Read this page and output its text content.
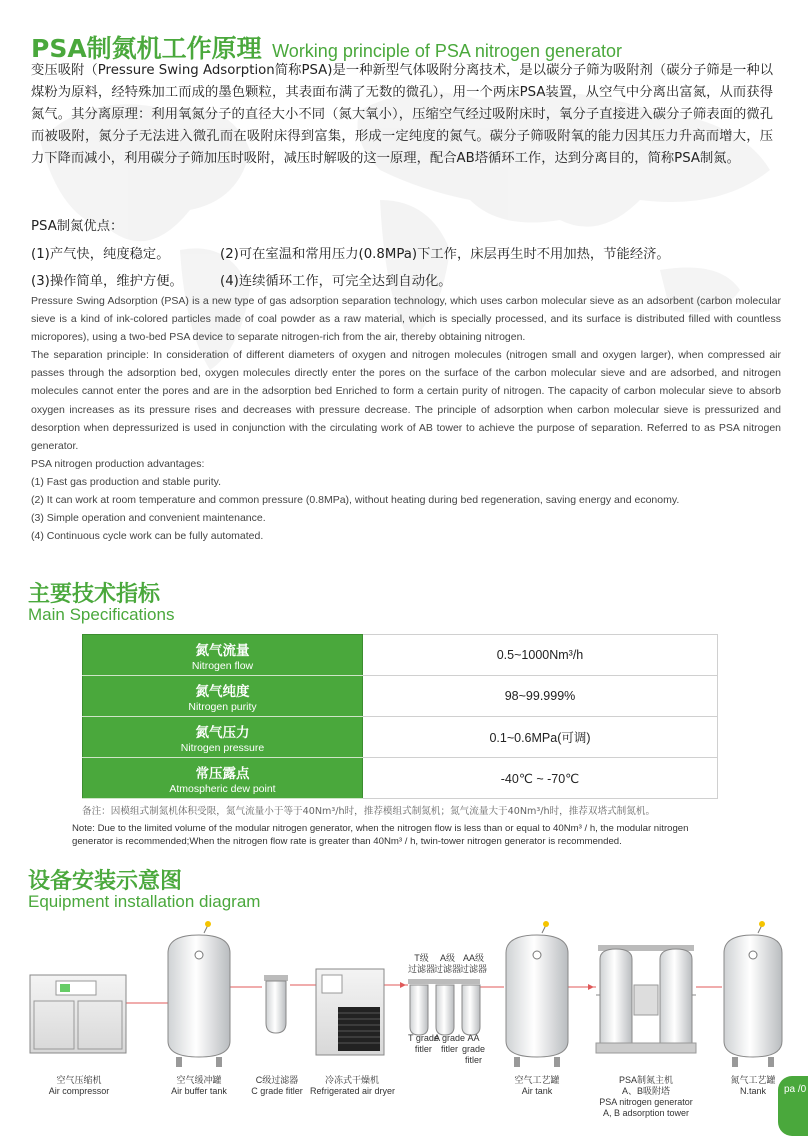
PSA制氮机工作原理 Working principle of PSA nitrogen generator
变压吸附（Pressure Swing Adsorption简称PSA)是一种新型气体吸附分离技术，是以碳分子筛为吸附剂（碳分子筛是一种以煤粉为原料，经特殊加工而成的墨色颗粒，其表面布满了无数的微孔），用一个两床PSA装置，从空气中分离出富氮，从而获得氮气。其分离原理：利用氧氮分子的直径大小不同（氮大氧小），压缩空气经过吸附床时，氧分子直接进入碳分子筛表面的微孔而被吸附，氮分子无法进入微孔而在吸附床得到富集，形成一定纯度的氮气。碳分子筛吸附氧的能力因其压力升高而增大，压力下降而减小，利用碳分子筛加压时吸附，减压时解吸的这一原理，配合AB塔循环工作，达到分离目的，简称PSA制氮。
PSA制氮优点：
(1)产气快，纯度稳定。	(2)可在室温和常用压力(0.8MPa)下工作，床层再生时不用加热，节能经济。
(3)操作简单，维护方便。	(4)连续循环工作，可完全达到自动化。

Pressure Swing Adsorption (PSA) is a new type of gas adsorption separation technology, which uses carbon molecular sieve as an adsorbent (carbon molecular sieve is a kind of ink-colored particles made of coal powder as a raw material, which is specially processed, and its surface is distributed filled with countless micropores), using a two-bed PSA device to separate nitrogen-rich from the air, thereby obtaining nitrogen.

The separation principle: In consideration of different diameters of oxygen and nitrogen molecules (nitrogen small and oxygen larger), when compressed air passes through the adsorption bed, oxygen molecules directly enter the pores on the surface of the carbon molecular sieve and are adsorbed, and nitrogen molecules cannot enter the pores and are in the adsorption bed Enriched to form a certain purity of nitrogen. The capacity of carbon molecular sieve to absorb oxygen increases as its pressure rises and decreases with pressure decrease. The principle of adsorption when carbon molecular sieve is pressurized and desorption when depressurized is used in conjunction with the circulating work of AB tower to achieve the purpose of separation. Referred to as PSA nitrogen generator.

PSA nitrogen production advantages:

(1) Fast gas production and stable purity.

(2) It can work at room temperature and common pressure (0.8MPa), without heating during bed regeneration, saving energy and economy.

(3) Simple operation and convenient maintenance.

(4) Continuous cycle work can be fully automated.

主要技术指标
Main Specifications
氮气流量
Nitrogen flow	0.5~1000Nm³/h

氮气纯度
Nitrogen purity	98~99.999%

氮气压力
Nitrogen pressure	0.1~0.6MPa(可调)

常压露点
Atmospheric dew point	-40℃ ~ -70℃
备注：因模组式制氮机体积受限，氮气流量小于等于40Nm³/h时，推荐模组式制氮机；氮气流量大于40Nm³/h时，推荐双塔式制氮机。
Note: Due to the limited volume of the modular nitrogen generator, when the nitrogen flow is less than or equal to 40Nm³ / h, the modular nitrogen generator is recommended;When the nitrogen flow rate is greater than 40Nm³ / h, twin-tower nitrogen generator is recommended.
设备安装示意图
Equipment installation diagram
T级
过滤器
A级
过滤器
AA级
过滤器
T grade
fitler
A grade
fitler
AA
grade
fitler
空气压缩机
Air compressor
空气缓冲罐
Air buffer tank
C级过滤器
C grade fitler
冷冻式干燥机
Refrigerated air dryer
空气工艺罐
Air tank
PSA制氮主机
A、B吸附塔
PSA nitrogen generator
A, B adsorption tower
氮气工艺罐
N.tank	pa /0
